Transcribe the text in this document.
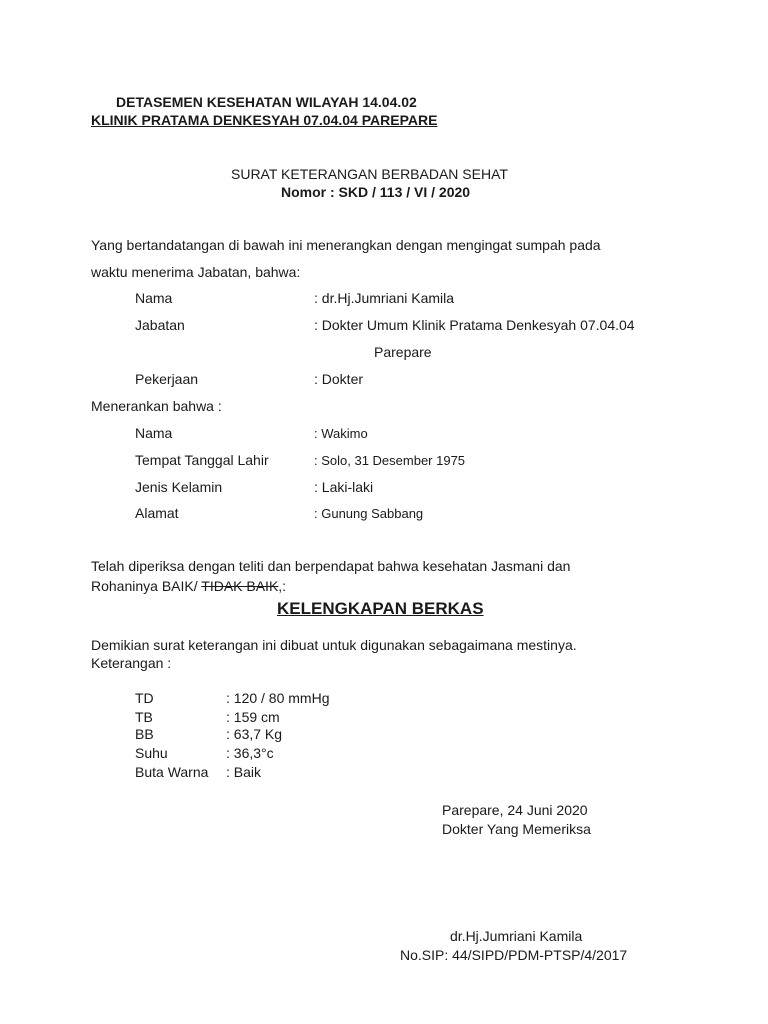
DETASEMEN KESEHATAN WILAYAH 14.04.02
KLINIK PRATAMA DENKESYAH 07.04.04 PAREPARE
SURAT KETERANGAN BERBADAN SEHAT
Nomor : SKD / 113 / VI / 2020
Yang bertandatangan di bawah ini menerangkan dengan mengingat sumpah pada
waktu menerima Jabatan, bahwa:
Nama	: dr.Hj.Jumriani Kamila
Jabatan	: Dokter Umum Klinik Pratama Denkesyah 07.04.04
Parepare
Pekerjaan	: Dokter
Menerankan bahwa :
Nama	: Wakimo
Tempat Tanggal Lahir	: Solo, 31 Desember 1975
Jenis Kelamin	: Laki-laki
Alamat	: Gunung Sabbang
Telah diperiksa dengan teliti dan berpendapat bahwa kesehatan Jasmani dan
Rohaninya BAIK/ TIDAK BAIK,:
KELENGKAPAN BERKAS
Demikian surat keterangan ini dibuat untuk digunakan sebagaimana mestinya.
Keterangan :
TD	: 120 / 80 mmHg
TB	: 159 cm
BB	: 63,7 Kg
Suhu	: 36,3°c
Buta Warna : Baik
Parepare, 24 Juni 2020
Dokter Yang Memeriksa
dr.Hj.Jumriani Kamila
No.SIP: 44/SIPD/PDM-PTSP/4/2017
